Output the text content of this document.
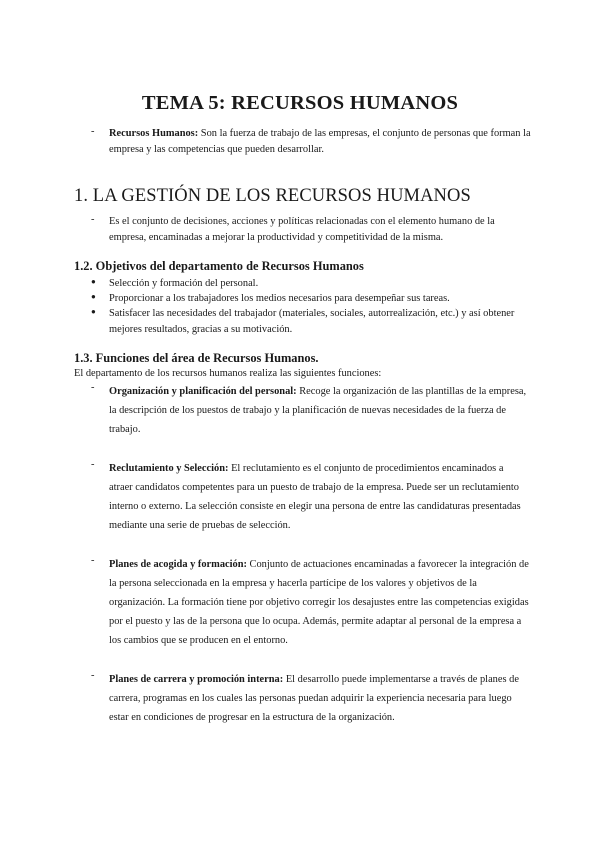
TEMA 5: RECURSOS HUMANOS
-	Recursos Humanos: Son la fuerza de trabajo de las empresas, el conjunto de personas que forman la empresa y las competencias que pueden desarrollar.
1. LA GESTIÓN DE LOS RECURSOS HUMANOS
-	Es el conjunto de decisiones, acciones y políticas relacionadas con el elemento humano de la empresa, encaminadas a mejorar la productividad y competitividad de la misma.
1.2. Objetivos del departamento de Recursos Humanos
●	Selección y formación del personal.
●	Proporcionar a los trabajadores los medios necesarios para desempeñar sus tareas.
●	Satisfacer las necesidades del trabajador (materiales, sociales, autorrealización, etc.) y así obtener mejores resultados, gracias a su motivación.
1.3. Funciones del área de Recursos Humanos.
El departamento de los recursos humanos realiza las siguientes funciones:
-	Organización y planificación del personal: Recoge la organización de las plantillas de la empresa, la descripción de los puestos de trabajo y la planificación de nuevas necesidades de la fuerza de trabajo.
-	Reclutamiento y Selección: El reclutamiento es el conjunto de procedimientos encaminados a atraer candidatos competentes para un puesto de trabajo de la empresa. Puede ser un reclutamiento interno o externo. La selección consiste en elegir una persona de entre las candidaturas presentadas mediante una serie de pruebas de selección.
-	Planes de acogida y formación: Conjunto de actuaciones encaminadas a favorecer la integración de la persona seleccionada en la empresa y hacerla partícipe de los valores y objetivos de la organización. La formación tiene por objetivo corregir los desajustes entre las competencias exigidas por el puesto y las de la persona que lo ocupa. Además, permite adaptar al personal de la empresa a los cambios que se producen en el entorno.
-	Planes de carrera y promoción interna: El desarrollo puede implementarse a través de planes de carrera, programas en los cuales las personas puedan adquirir la experiencia necesaria para luego estar en condiciones de progresar en la estructura de la organización.
